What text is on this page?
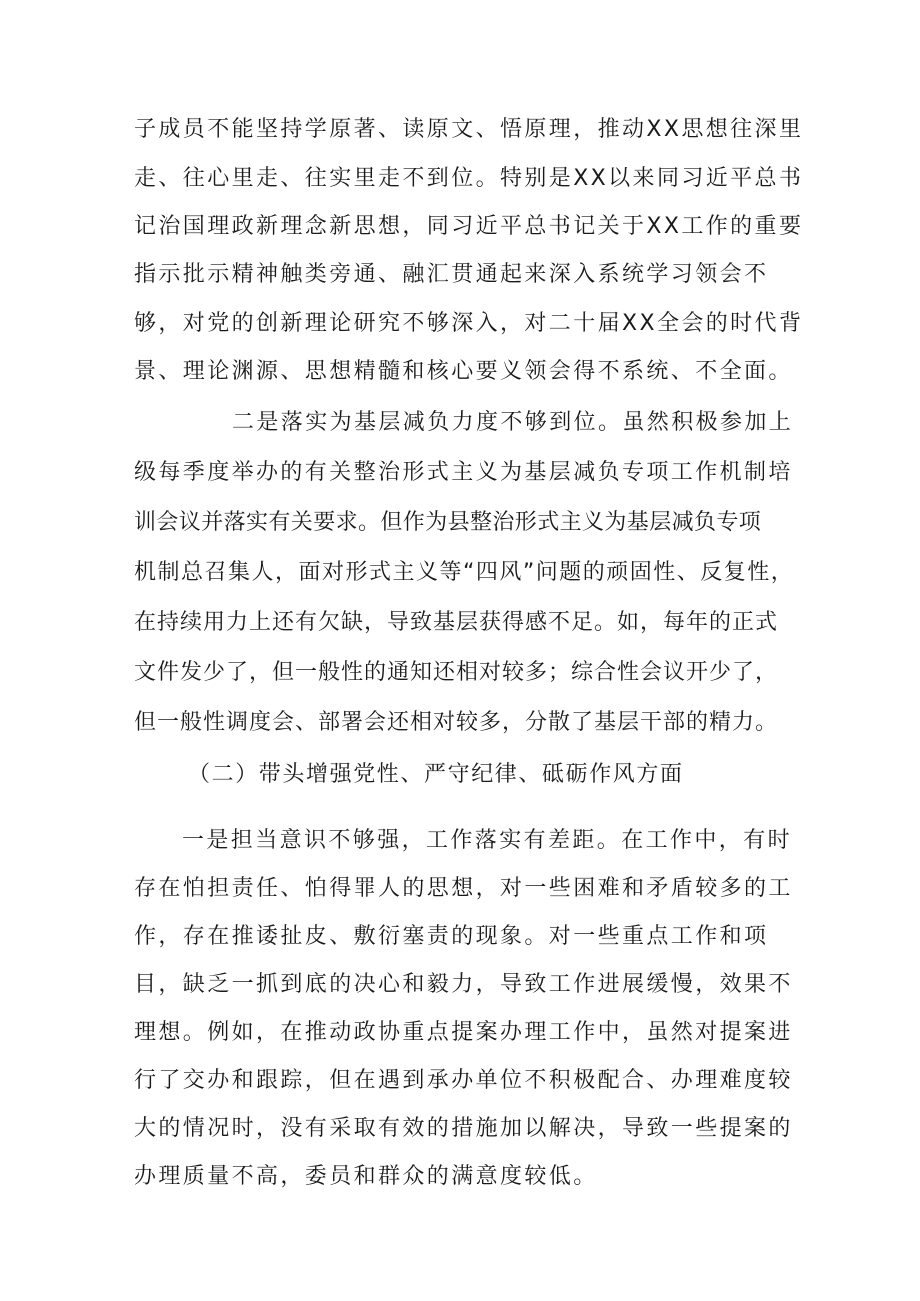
子成员不能坚持学原著、读原文、悟原理，推动XX思想往深里
走、往心里走、往实里走不到位。特别是XX以来同习近平总书
记治国理政新理念新思想，同习近平总书记关于XX工作的重要
指示批示精神触类旁通、融汇贯通起来深入系统学习领会不
够，对党的创新理论研究不够深入，对二十届XX全会的时代背
景、理论渊源、思想精髓和核心要义领会得不系统、不全面。
二是落实为基层减负力度不够到位。虽然积极参加上
级每季度举办的有关整治形式主义为基层减负专项工作机制培
训会议并落实有关要求。但作为县整治形式主义为基层减负专项
机制总召集人，面对形式主义等“四风”问题的顽固性、反复性，
在持续用力上还有欠缺，导致基层获得感不足。如，每年的正式
文件发少了，但一般性的通知还相对较多；综合性会议开少了，
但一般性调度会、部署会还相对较多，分散了基层干部的精力。
（二）带头增强党性、严守纪律、砥砺作风方面
一是担当意识不够强，工作落实有差距。在工作中，有时
存在怕担责任、怕得罪人的思想，对一些困难和矛盾较多的工
作，存在推诿扯皮、敷衍塞责的现象。对一些重点工作和项
目，缺乏一抓到底的决心和毅力，导致工作进展缓慢，效果不
理想。例如，在推动政协重点提案办理工作中，虽然对提案进
行了交办和跟踪，但在遇到承办单位不积极配合、办理难度较
大的情况时，没有采取有效的措施加以解决，导致一些提案的
办理质量不高，委员和群众的满意度较低。
